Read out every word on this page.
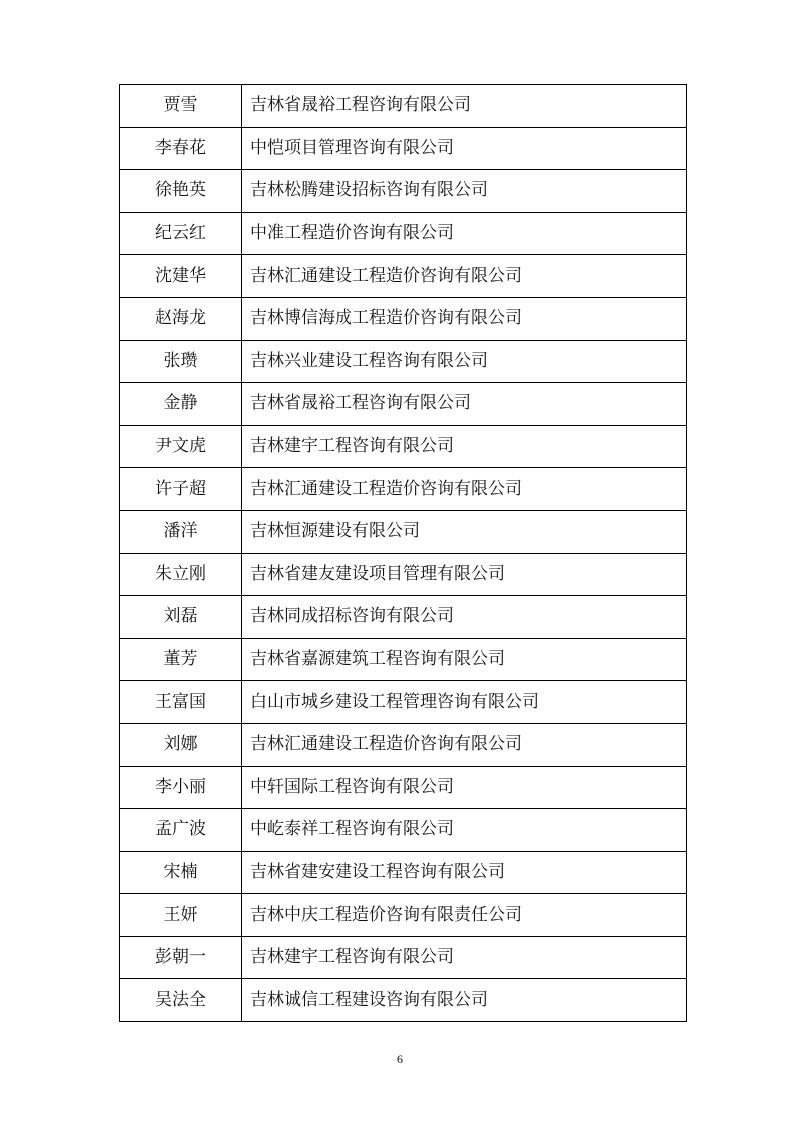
贾雪	吉林省晟裕工程咨询有限公司
李春花	中恺项目管理咨询有限公司
徐艳英	吉林松腾建设招标咨询有限公司
纪云红	中准工程造价咨询有限公司
沈建华	吉林汇通建设工程造价咨询有限公司
赵海龙	吉林博信海成工程造价咨询有限公司
张瓒	吉林兴业建设工程咨询有限公司
金静	吉林省晟裕工程咨询有限公司
尹文虎	吉林建宇工程咨询有限公司
许子超	吉林汇通建设工程造价咨询有限公司
潘洋	吉林恒源建设有限公司
朱立刚	吉林省建友建设项目管理有限公司
刘磊	吉林同成招标咨询有限公司
董芳	吉林省嘉源建筑工程咨询有限公司
王富国	白山市城乡建设工程管理咨询有限公司
刘娜	吉林汇通建设工程造价咨询有限公司
李小丽	中轩国际工程咨询有限公司
孟广波	中屹泰祥工程咨询有限公司
宋楠	吉林省建安建设工程咨询有限公司
王妍	吉林中庆工程造价咨询有限责任公司
彭朝一	吉林建宇工程咨询有限公司
吴法全	吉林诚信工程建设咨询有限公司
6
